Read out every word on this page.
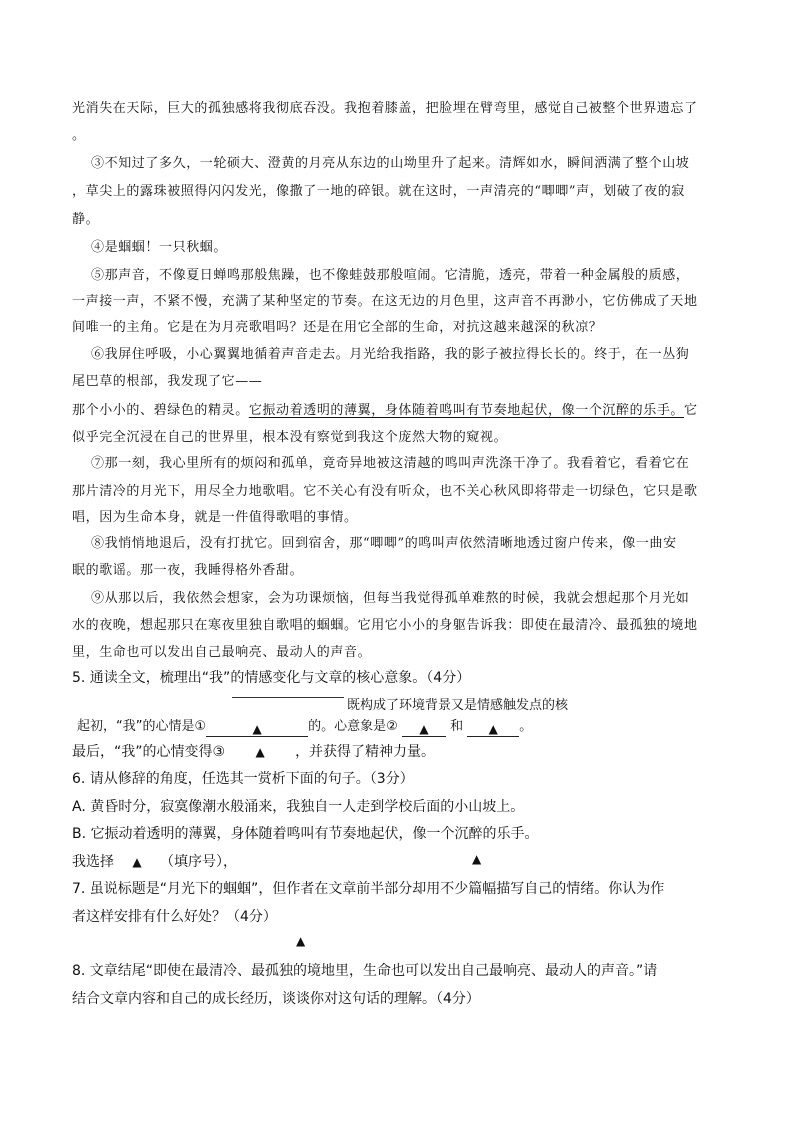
光消失在天际，巨大的孤独感将我彻底吞没。我抱着膝盖，把脸埋在臂弯里，感觉自己被整个世界遗忘了
。
③不知过了多久，一轮硕大、澄黄的月亮从东边的山坳里升了起来。清辉如水，瞬间洒满了整个山坡
，草尖上的露珠被照得闪闪发光，像撒了一地的碎银。就在这时，一声清亮的“唧唧”声，划破了夜的寂
静。
④是蝈蝈！一只秋蝈。
⑤那声音，不像夏日蝉鸣那般焦躁，也不像蛙鼓那般喧闹。它清脆，透亮，带着一种金属般的质感，
一声接一声，不紧不慢，充满了某种坚定的节奏。在这无边的月色里，这声音不再渺小，它仿佛成了天地
间唯一的主角。它是在为月亮歌唱吗？还是在用它全部的生命，对抗这越来越深的秋凉？
⑥我屏住呼吸，小心翼翼地循着声音走去。月光给我指路，我的影子被拉得长长的。终于，在一丛狗
尾巴草的根部，我发现了它——
那个小小的、碧绿色的精灵。它振动着透明的薄翼，身体随着鸣叫有节奏地起伏，像一个沉醉的乐手。它
似乎完全沉浸在自己的世界里，根本没有察觉到我这个庞然大物的窥视。
⑦那一刻，我心里所有的烦闷和孤单，竟奇异地被这清越的鸣叫声洗涤干净了。我看着它，看着它在
那片清冷的月光下，用尽全力地歌唱。它不关心有没有听众，也不关心秋风即将带走一切绿色，它只是歌
唱，因为生命本身，就是一件值得歌唱的事情。
⑧我悄悄地退后，没有打扰它。回到宿舍，那“唧唧”的鸣叫声依然清晰地透过窗户传来，像一曲安
眠的歌谣。那一夜，我睡得格外香甜。
⑨从那以后，我依然会想家，会为功课烦恼，但每当我觉得孤单难熬的时候，我就会想起那个月光如
水的夜晚，想起那只在寒夜里独自歌唱的蝈蝈。它用它小小的身躯告诉我：即使在最清冷、最孤独的境地
里，生命也可以发出自己最响亮、最动人的声音。
5. 通读全文，梳理出“我”的情感变化与文章的核心意象。（4分）
既构成了环境背景又是情感触发点的核
起初，“我”的心情是①	▲	的。心意象是② ▲ 和 ▲ 。
最后，“我”的心情变得③	▲ ，并获得了精神力量。
6. 请从修辞的角度，任选其一赏析下面的句子。（3分）
A. 黄昏时分，寂寞像潮水般涌来，我独自一人走到学校后面的小山坡上。
B. 它振动着透明的薄翼，身体随着鸣叫有节奏地起伏，像一个沉醉的乐手。
我选择 ▲ （填序号），	▲
7. 虽说标题是“月光下的蝈蝈”，但作者在文章前半部分却用不少篇幅描写自己的情绪。你认为作
者这样安排有什么好处？（4分）
▲
8. 文章结尾“即使在最清冷、最孤独的境地里，生命也可以发出自己最响亮、最动人的声音。”请
结合文章内容和自己的成长经历，谈谈你对这句话的理解。（4分）
